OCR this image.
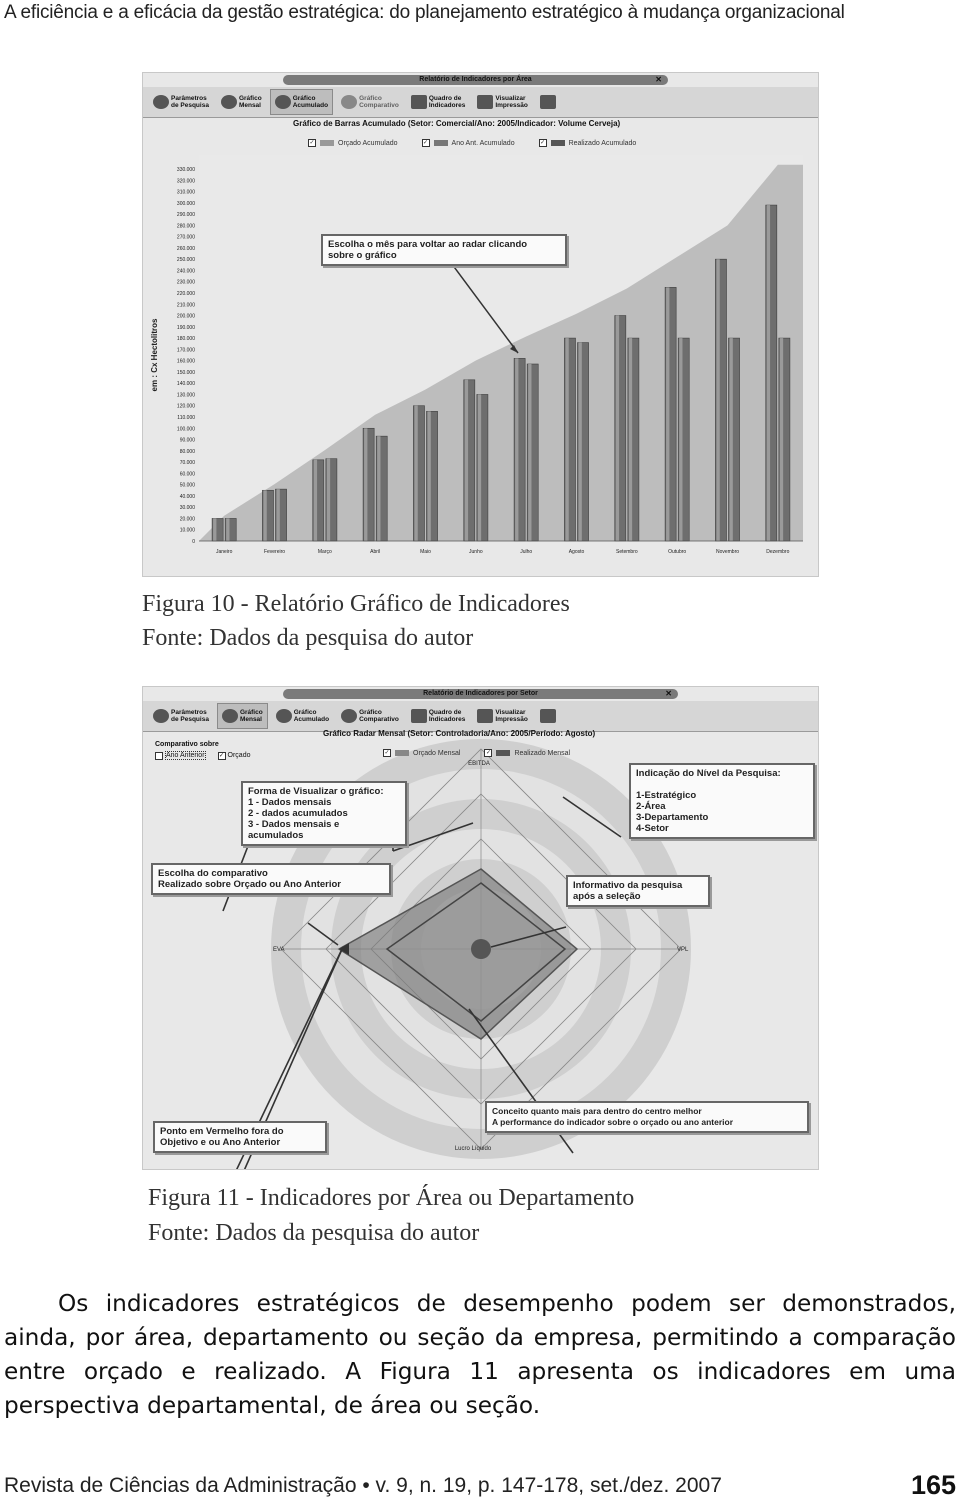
A eficiência e a eficácia da gestão estratégica: do planejamento estratégico à mudança organizacional
Relatório de Indicadores por Área	✕
Parâmetros
de Pesquisa
Gráfico
Mensal
Gráfico
Acumulado
Gráfico
Comparativo
Quadro de
Indicadores
Visualizar
Impressão
Gráfico de Barras Acumulado (Setor: Comercial/Ano: 2005/Indicador: Volume Cerveja)
✓	Orçado Acumulado	✓	Ano Ant. Acumulado	✓	Realizado Acumulado
0
10.000
20.000
30.000
40.000
50.000
60.000
70.000
80.000
90.000
100.000
110.000
120.000
130.000
140.000
150.000
160.000
170.000
180.000
190.000
200.000
210.000
220.000
230.000
240.000
250.000
260.000
270.000
280.000
290.000
300.000
310.000
320.000
330.000
em : Cx Hectolitros
Janeiro	Fevereiro	Março	Abril	Maio	Junho	Julho	Agosto	Setembro	Outubro	Novembro	Dezembro
Escolha o mês para voltar ao radar clicando
sobre o gráfico
Figura 10 - Relatório Gráfico de Indicadores
Fonte: Dados da pesquisa do autor
Relatório de Indicadores por Setor	✕
Parâmetros
de Pesquisa
Gráfico
Mensal
Gráfico
Acumulado
Gráfico
Comparativo
Quadro de
Indicadores
Visualizar
Impressão
EBITDA
VPL
Lucro Líquido
EVA
Comparativo sobre
Ano Anterior ✓ Orçado
Gráfico Radar Mensal (Setor: Controladoria/Ano: 2005/Período: Agosto)
✓	Orçado Mensal	✓	Realizado Mensal
Forma de Visualizar o gráfico:
1 - Dados mensais
2 - dados acumulados
3 - Dados mensais e
acumulados
Indicação do Nível da Pesquisa:

1-Estratégico
2-Área
3-Departamento
4-Setor
Escolha do comparativo
Realizado sobre Orçado ou Ano Anterior	Informativo da pesquisa
após a seleção
Conceito quanto mais para dentro do centro melhor
A performance do indicador sobre o orçado ou ano anterior
Ponto em Vermelho fora do
Objetivo e ou Ano Anterior
Figura 11 - Indicadores por Área ou Departamento
Fonte: Dados da pesquisa do autor

Os indicadores estratégicos de desempenho podem ser demonstrados, ainda, por área, departamento ou seção da empresa, permitindo a comparação entre orçado e realizado. A Figura 11 apresenta os indicadores em uma perspectiva departamental, de área ou seção.

Revista de Ciências da Administração • v. 9, n. 19, p. 147-178, set./dez. 2007	165
